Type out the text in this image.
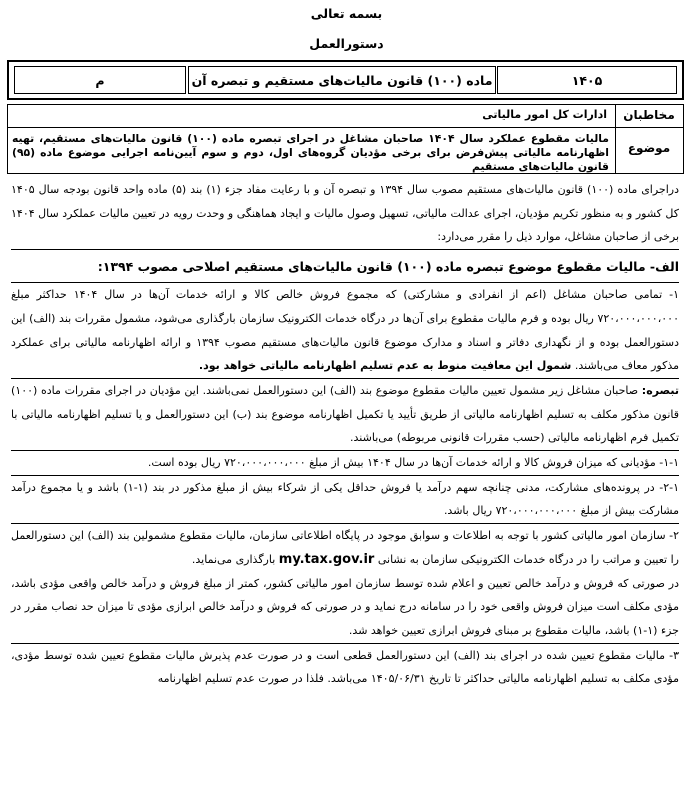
بسمه تعالی
دستورالعمل
۱۴۰۵
ماده (۱۰۰) قانون مالیات‌های مستقیم و تبصره آن
م
مخاطبان
موضوع
ادارات کل امور مالیاتی
مالیات مقطوع عملکرد سال ۱۴۰۴ صاحبان مشاغل در اجرای تبصره ماده (۱۰۰) قانون مالیات‌های مستقیم، تهیه اظهارنامه مالیاتی پیش‌فرض برای برخی مؤدیان گروه‌های اول، دوم و سوم آیین‌نامه اجرایی موضوع ماده (۹۵) قانون مالیات‌های مستقیم

دراجرای ماده (۱۰۰) قانون مالیات‌های مستقیم مصوب سال ۱۳۹۴ و تبصره آن و با رعایت مفاد جزء (۱) بند (۵) ماده واحد قانون بودجه سال ۱۴۰۵ کل کشور و به منظور تکریم مؤدیان، اجرای عدالت مالیاتی، تسهیل وصول مالیات و ایجاد هماهنگی و وحدت رویه در تعیین مالیات عملکرد سال ۱۴۰۴ برخی از صاحبان مشاغل، موارد ذیل را مقرر می‌دارد:

الف- مالیات مقطوع موضوع تبصره ماده (۱۰۰) قانون مالیات‌های مستقیم اصلاحی مصوب ۱۳۹۴:

۱- تمامی صاحبان مشاغل (اعم از انفرادی و مشارکتی) که مجموع فروش خالص کالا و ارائه خدمات آن‌ها در سال ۱۴۰۴ حداکثر مبلغ ۷۲۰،۰۰۰،۰۰۰،۰۰۰ ریال بوده و فرم مالیات مقطوع برای آن‌ها در درگاه خدمات الکترونیک سازمان بارگذاری می‌شود، مشمول مقررات بند (الف) این دستورالعمل بوده و از نگهداری دفاتر و اسناد و مدارک موضوع قانون مالیات‌های مستقیم مصوب ۱۳۹۴ و ارائه اظهارنامه مالیاتی برای عملکرد مذکور معاف می‌باشند. شمول این معافیت منوط به عدم تسلیم اظهارنامه مالیاتی خواهد بود.

تبصره: صاحبان مشاغل زیر مشمول تعیین مالیات مقطوع موضوع بند (الف) این دستورالعمل نمی‌باشند. این مؤدیان در اجرای مقررات ماده (۱۰۰) قانون مذکور مکلف به تسلیم اظهارنامه مالیاتی از طریق تأیید یا تکمیل اظهارنامه موضوع بند (ب) این دستورالعمل و یا تسلیم اظهارنامه مالیاتی با تکمیل فرم اظهارنامه مالیاتی (حسب مقررات قانونی مربوطه) می‌باشند.

۱-۱- مؤدیانی که میزان فروش کالا و ارائه خدمات آن‌ها در سال ۱۴۰۴ بیش از مبلغ ۷۲۰،۰۰۰،۰۰۰،۰۰۰ ریال بوده است.

۲-۱- در پرونده‌های مشارکت، مدنی چنانچه سهم درآمد یا فروش حداقل یکی از شرکاء بیش از مبلغ مذکور در بند (۱-۱) باشد و یا مجموع درآمد مشارکت بیش از مبلغ ۷۲۰،۰۰۰،۰۰۰،۰۰۰ ریال باشد.

۲- سازمان امور مالیاتی کشور با توجه به اطلاعات و سوابق موجود در پایگاه اطلاعاتی سازمان، مالیات مقطوع مشمولین بند (الف) این دستورالعمل را تعیین و مراتب را در درگاه خدمات الکترونیکی سازمان به نشانی my.tax.gov.ir بارگذاری می‌نماید.

در صورتی که فروش و درآمد خالص تعیین و اعلام شده توسط سازمان امور مالیاتی کشور، کمتر از مبلغ فروش و درآمد خالص واقعی مؤدی باشد، مؤدی مکلف است میزان فروش واقعی خود را در سامانه درج نماید و در صورتی که فروش و درآمد خالص ابرازی مؤدی تا میزان حد نصاب مقرر در جزء (۱-۱) باشد، مالیات مقطوع بر مبنای فروش ابرازی تعیین خواهد شد.

۳- مالیات مقطوع تعیین شده در اجرای بند (الف) این دستورالعمل قطعی است و در صورت عدم پذیرش مالیات مقطوع تعیین شده توسط مؤدی، مؤدی مکلف به تسلیم اظهارنامه مالیاتی حداکثر تا تاریخ ۱۴۰۵/۰۶/۳۱ می‌باشد. فلذا در صورت عدم تسلیم اظهارنامه
